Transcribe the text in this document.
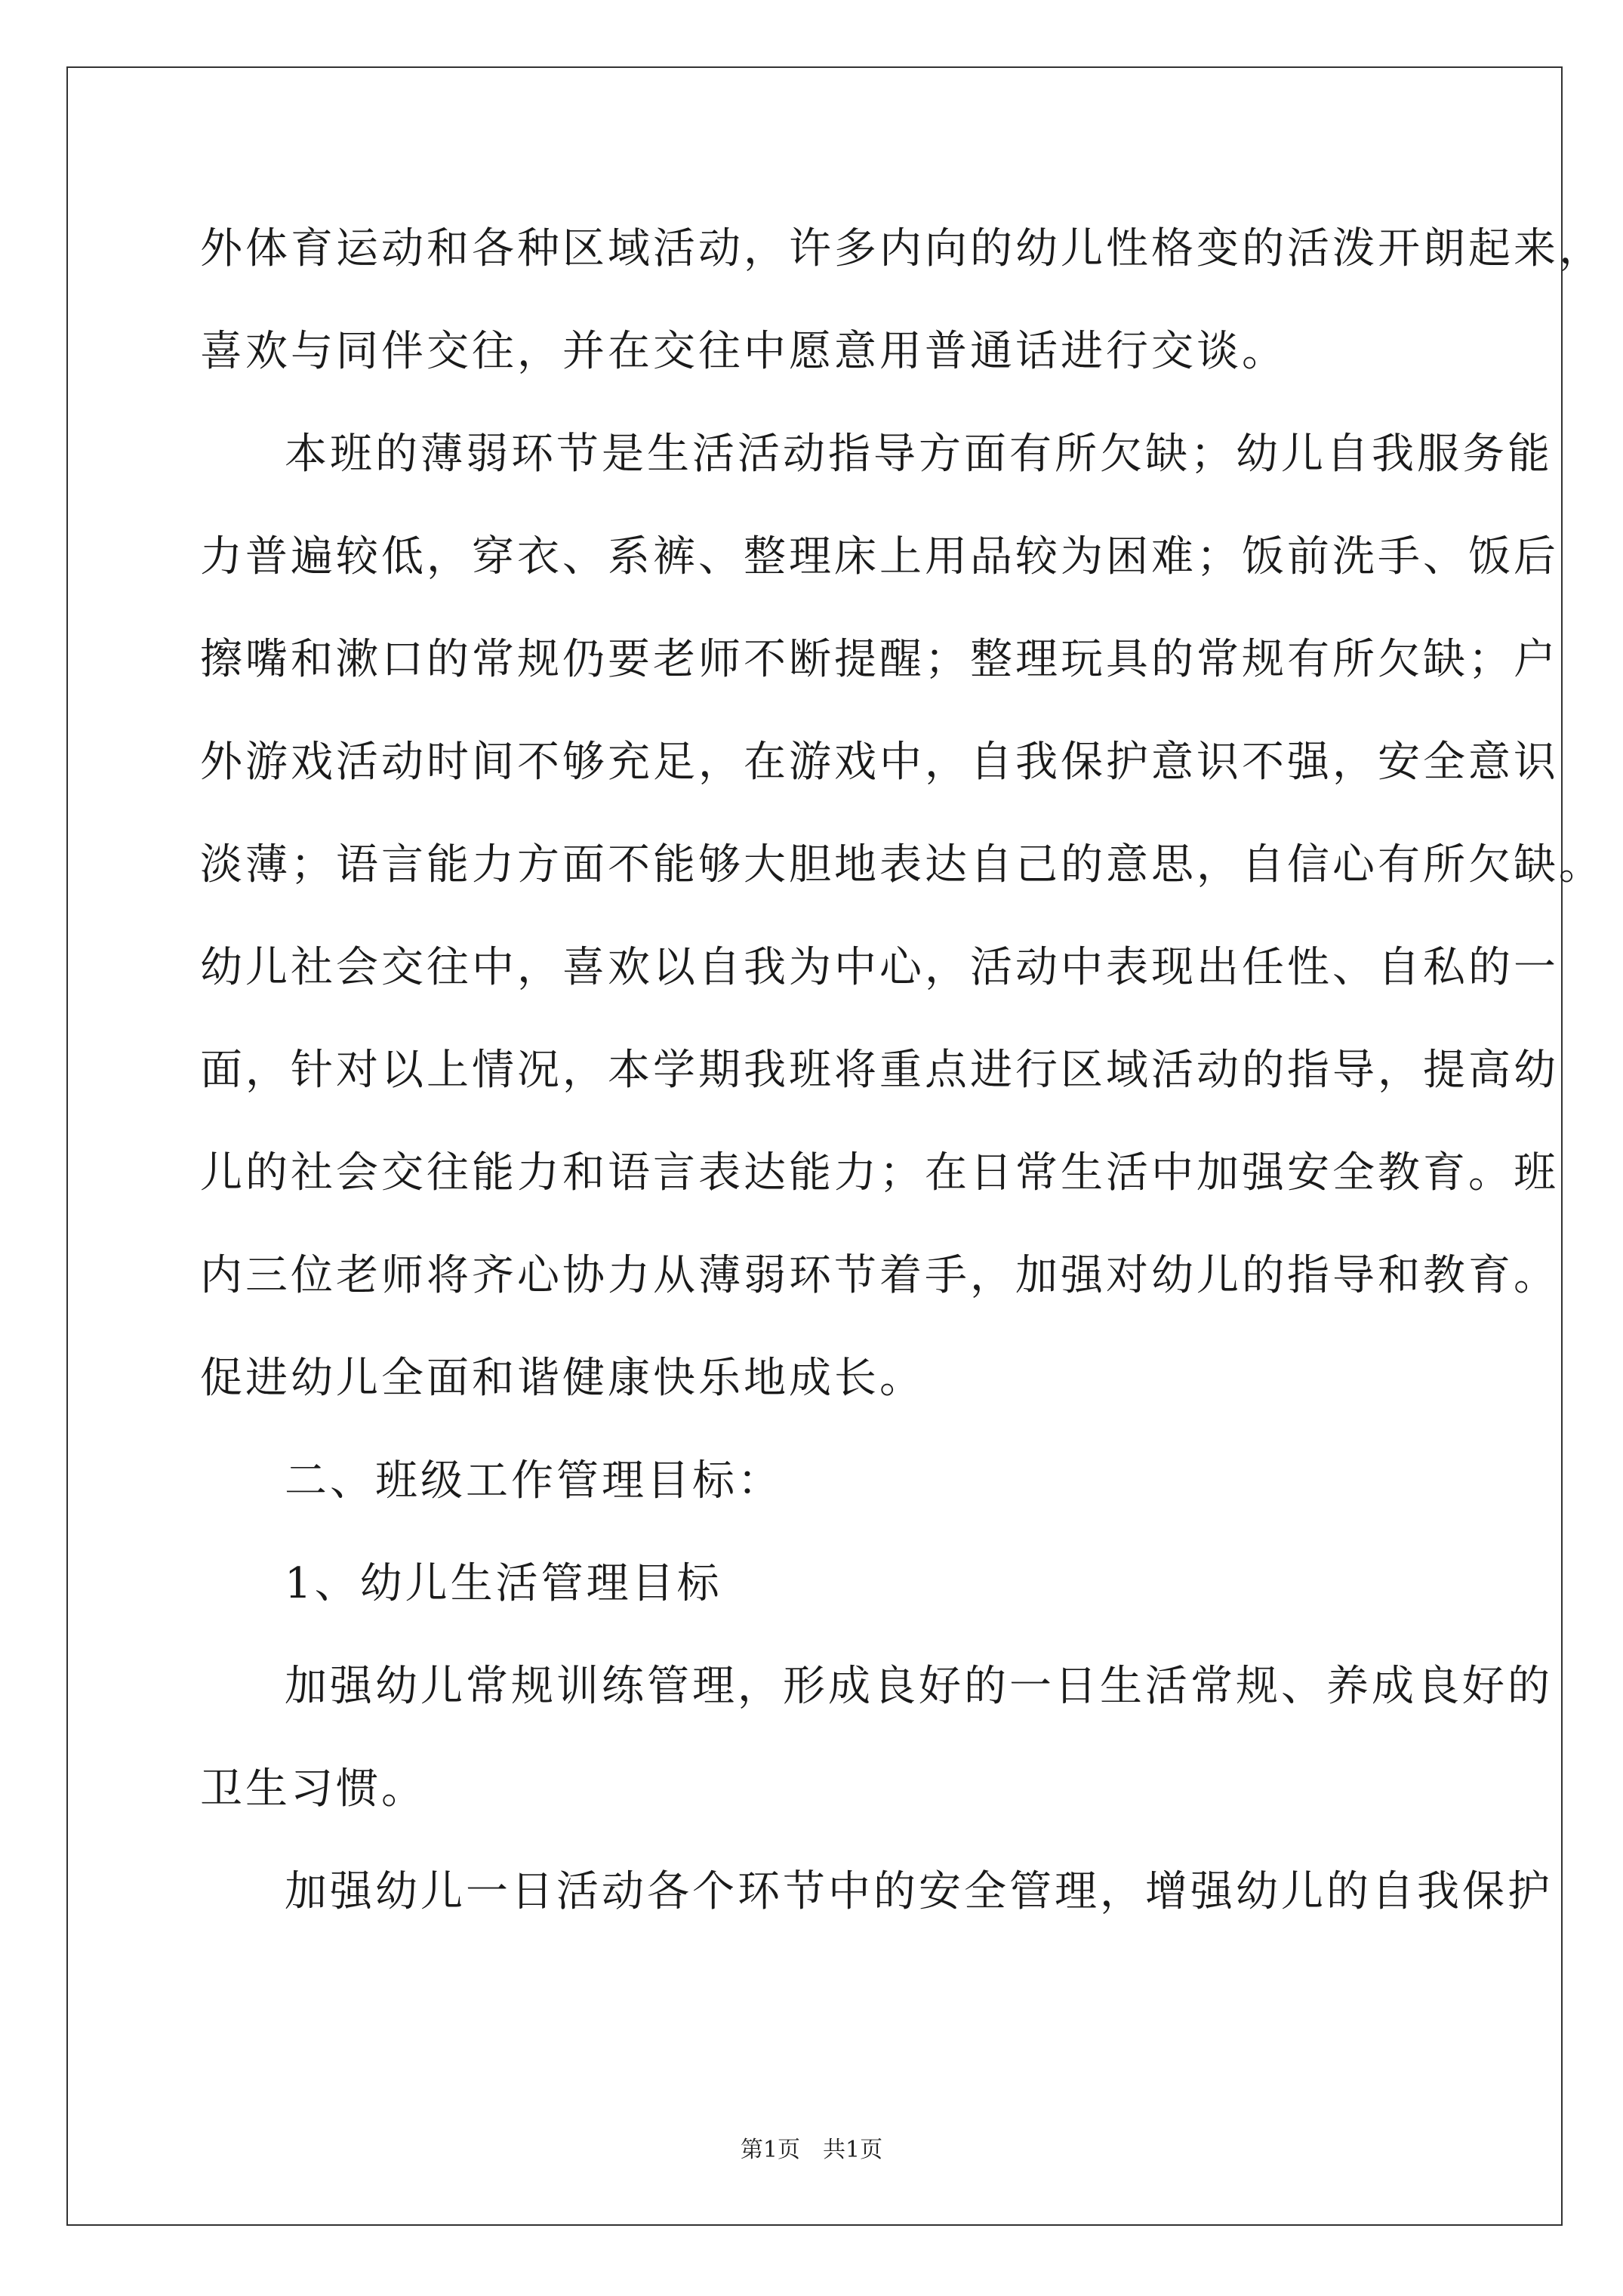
外体育运动和各种区域活动，许多内向的幼儿性格变的活泼开朗起来，
喜欢与同伴交往，并在交往中愿意用普通话进行交谈。
本班的薄弱环节是生活活动指导方面有所欠缺；幼儿自我服务能
力普遍较低，穿衣、系裤、整理床上用品较为困难；饭前洗手、饭后
擦嘴和漱口的常规仍要老师不断提醒；整理玩具的常规有所欠缺；户
外游戏活动时间不够充足，在游戏中，自我保护意识不强，安全意识
淡薄；语言能力方面不能够大胆地表达自己的意思，自信心有所欠缺。
幼儿社会交往中，喜欢以自我为中心，活动中表现出任性、自私的一
面，针对以上情况，本学期我班将重点进行区域活动的指导，提高幼
儿的社会交往能力和语言表达能力；在日常生活中加强安全教育。班
内三位老师将齐心协力从薄弱环节着手，加强对幼儿的指导和教育。
促进幼儿全面和谐健康快乐地成长。
二、班级工作管理目标：
1、幼儿生活管理目标
加强幼儿常规训练管理，形成良好的一日生活常规、养成良好的
卫生习惯。
加强幼儿一日活动各个环节中的安全管理，增强幼儿的自我保护
第1页　共1页
